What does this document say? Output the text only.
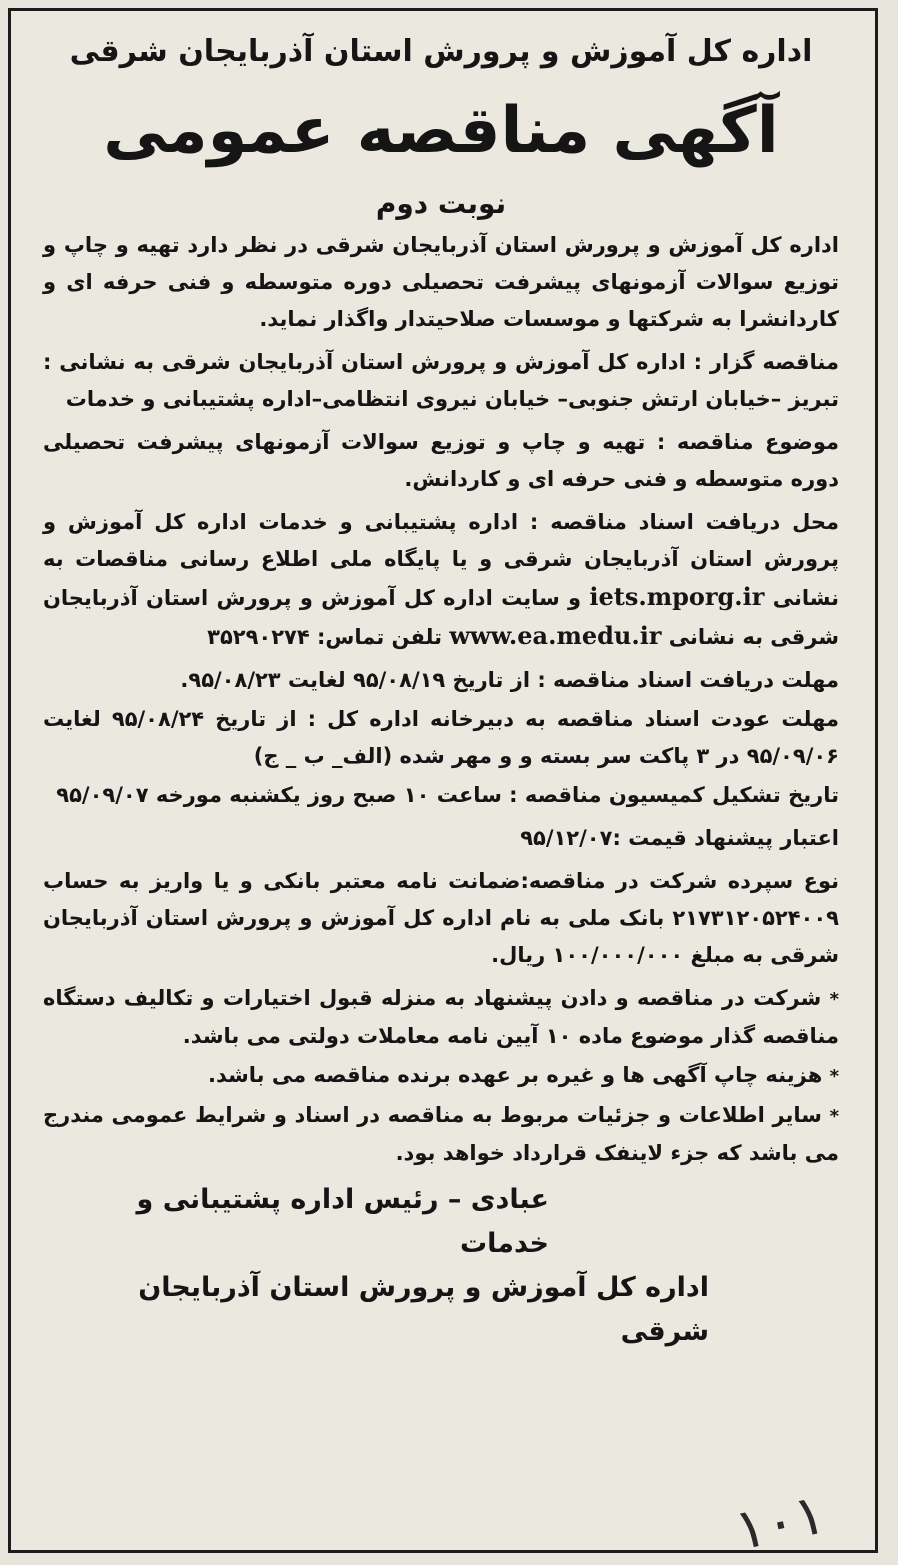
اداره کل آموزش و پرورش استان آذربایجان شرقی

آگهی مناقصه عمومی

نوبت دوم

اداره کل آموزش و پرورش استان آذربایجان شرقی در نظر دارد تهیه و چاپ و توزیع سوالات آزمونهای پیشرفت تحصیلی دوره متوسطه و فنی حرفه ای و کاردانشرا به شرکتها و موسسات صلاحیتدار واگذار نماید.

مناقصه گزار : اداره کل آموزش و پرورش استان آذربایجان شرقی به نشانی : تبریز –خیابان ارتش جنوبی– خیابان نیروی انتظامی–اداره پشتیبانی و خدمات

موضوع مناقصه : تهیه و چاپ و توزیع سوالات آزمونهای پیشرفت تحصیلی دوره متوسطه و فنی حرفه ای و کاردانش.

محل دریافت اسناد مناقصه : اداره پشتیبانی و خدمات اداره کل آموزش و پرورش استان آذربایجان شرقی و یا پایگاه ملی اطلاع رسانی مناقصات به نشانی iets.mporg.ir و سایت اداره کل آموزش و پرورش استان آذربایجان شرقی به نشانی www.ea.medu.ir تلفن تماس: ۳۵۲۹۰۲۷۴

مهلت دریافت اسناد مناقصه : از تاریخ ۹۵/۰۸/۱۹ لغایت ۹۵/۰۸/۲۳.

مهلت عودت اسناد مناقصه به دبیرخانه اداره کل : از تاریخ ۹۵/۰۸/۲۴ لغایت ۹۵/۰۹/۰۶ در ۳ پاکت سر بسته و و مهر شده (الف_ ب _ ج)

تاریخ تشکیل کمیسیون مناقصه : ساعت ۱۰ صبح روز یکشنبه مورخه ۹۵/۰۹/۰۷

اعتبار پیشنهاد قیمت :۹۵/۱۲/۰۷

نوع سپرده شرکت در مناقصه:ضمانت نامه معتبر بانکی و یا واریز به حساب ۲۱۷۳۱۲۰۵۲۴۰۰۹ بانک ملی به نام اداره کل آموزش و پرورش استان آذربایجان شرقی به مبلغ ۱۰۰/۰۰۰/۰۰۰ ریال.

* شرکت در مناقصه و دادن پیشنهاد به منزله قبول اختیارات و تکالیف دستگاه مناقصه گذار موضوع ماده ۱۰ آیین نامه معاملات دولتی می باشد.

* هزینه چاپ آگهی ها و غیره بر عهده برنده مناقصه می باشد.

* سایر اطلاعات و جزئیات مربوط به مناقصه در اسناد و شرایط عمومی مندرج می باشد که جزء لاینفک قرارداد خواهد بود.

عبادی – رئیس اداره پشتیبانی و خدمات
اداره کل آموزش و پرورش استان آذربایجان شرقی
۱۰۱
